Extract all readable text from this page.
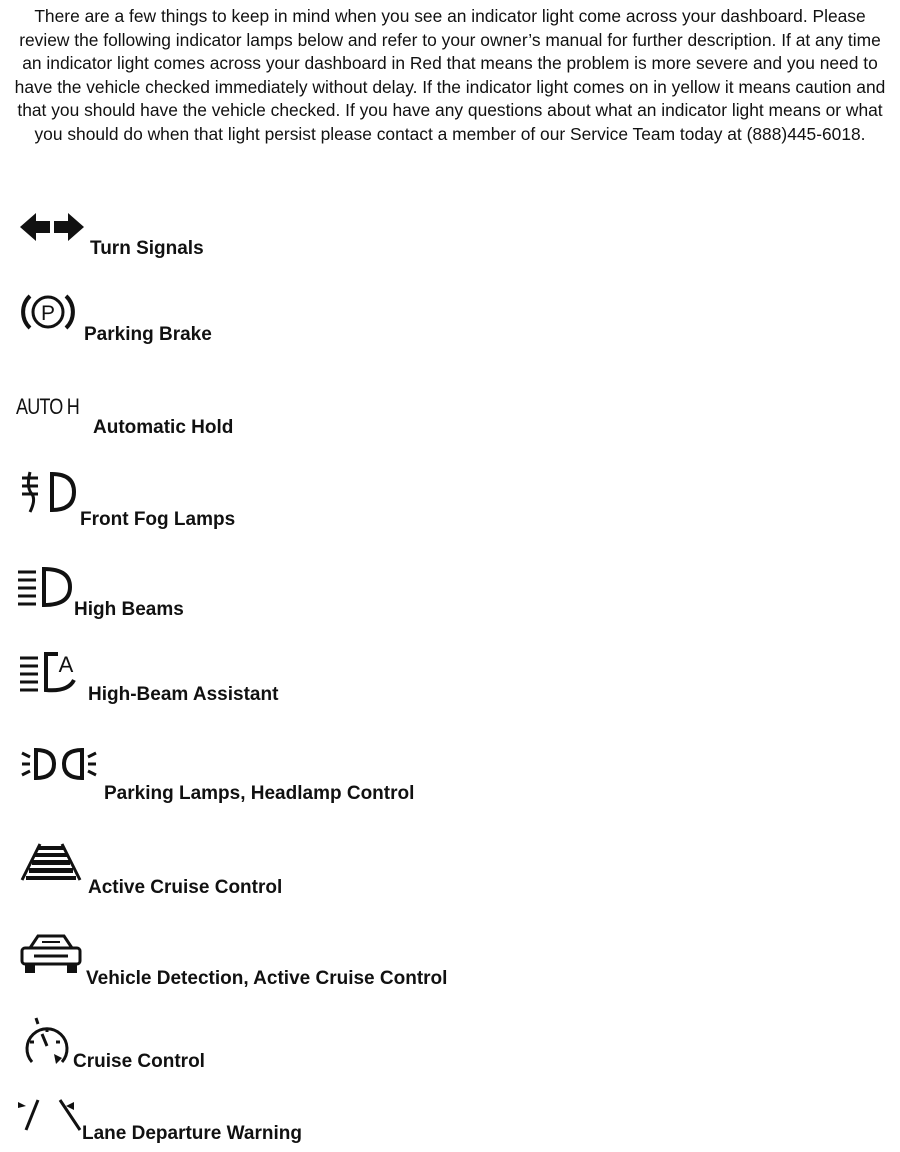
There are a few things to keep in mind when you see an indicator light come across your dashboard. Please review the following indicator lamps below and refer to your owner’s manual for further description. If at any time an indicator light comes across your dashboard in Red that means the problem is more severe and you need to have the vehicle checked immediately without delay. If the indicator light comes on in yellow it means caution and that you should have the vehicle checked. If you have any questions about what an indicator light means or what you should do when that light persist please contact a member of our Service Team today at (888)445-6018.

Turn Signals
P
Parking Brake
AUTO H
Automatic Hold
Front Fog Lamps
High Beams
A
High-Beam Assistant
Parking Lamps, Headlamp Control
Active Cruise Control
Vehicle Detection, Active Cruise Control
Cruise Control
Lane Departure Warning
